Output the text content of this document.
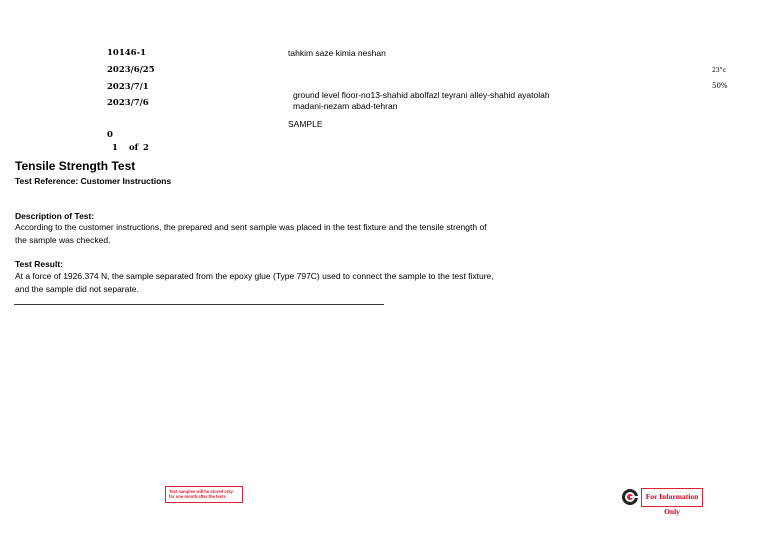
10146-1
2023/6/25
2023/7/1
2023/7/6
tahkim saze kimia neshan
ground level floor-no13-shahid abolfazl teyrani alley-shahid ayatolah
madani-nezam abad-tehran
SAMPLE
23°c
50%
0
1 of 2
Tensile Strength Test
Test Reference: Customer Instructions
Description of Test:
According to the customer instructions, the prepared and sent sample was placed in the test fixture and the tensile strength of the sample was checked.
Test Result:
At a force of 1926.374 N, the sample separated from the epoxy glue (Type 797C) used to connect the sample to the test fixture, and the sample did not separate.
Test samples will be stored only
for one month after the tests	For Information Only
